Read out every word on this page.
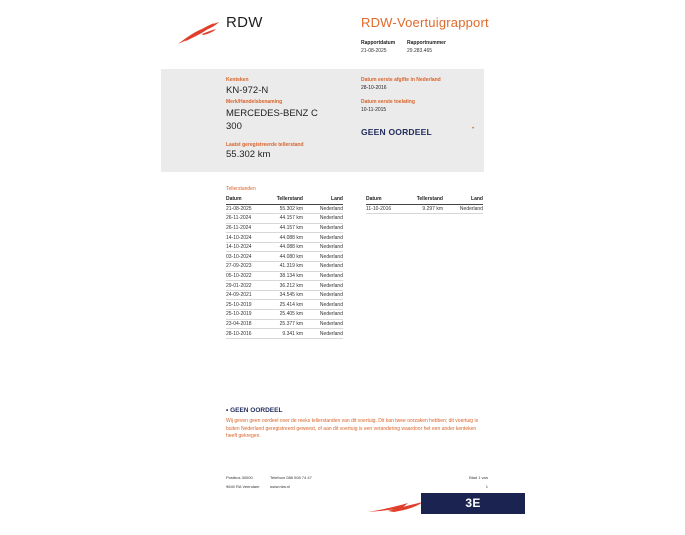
RDW	RDW-Voertuigrapport
Rapportdatum
21-08-2025
Rapportnummer
29.283.465
Kenteken
KN-972-N
Merk/Handelsbenaming
MERCEDES-BENZ C
300
Laatst geregistreerde tellerstand
55.302 km
Datum eerste afgifte in Nederland
28-10-2016
Datum eerste toelating
10-11-2015
GEEN OORDEEL	•
Tellerstanden
Datum	Tellerstand	Land
21-08-2025	55.302 km	Nederland
26-11-2024	44.157 km	Nederland
26-11-2024	44.157 km	Nederland
14-10-2024	44.088 km	Nederland
14-10-2024	44.088 km	Nederland
03-10-2024	44.080 km	Nederland
27-09-2023	41.319 km	Nederland
05-10-2022	38.134 km	Nederland
29-01-2022	36.212 km	Nederland
24-09-2021	34.545 km	Nederland
25-10-2019	25.414 km	Nederland
25-10-2019	25.405 km	Nederland
23-04-2018	25.377 km	Nederland
28-10-2016	9.341 km	Nederland
Datum	Tellerstand	Land
11-10-2016	9.297 km	Nederland
• GEEN OORDEEL
Wij geven geen oordeel over de reeks tellerstanden van dit voertuig. Dit kan twee oorzaken hebben; dit voertuig is buiten Nederland geregistreerd geweest, of aan dit voertuig is een verandering waardoor het een ander kenteken heeft gekregen.
Postbus 30000
9640 RA Veendam
Telefoon 088 008 74 47
www.rdw.nl
Blad 1 van 1
3E EIGENAAR.ORG.NL
